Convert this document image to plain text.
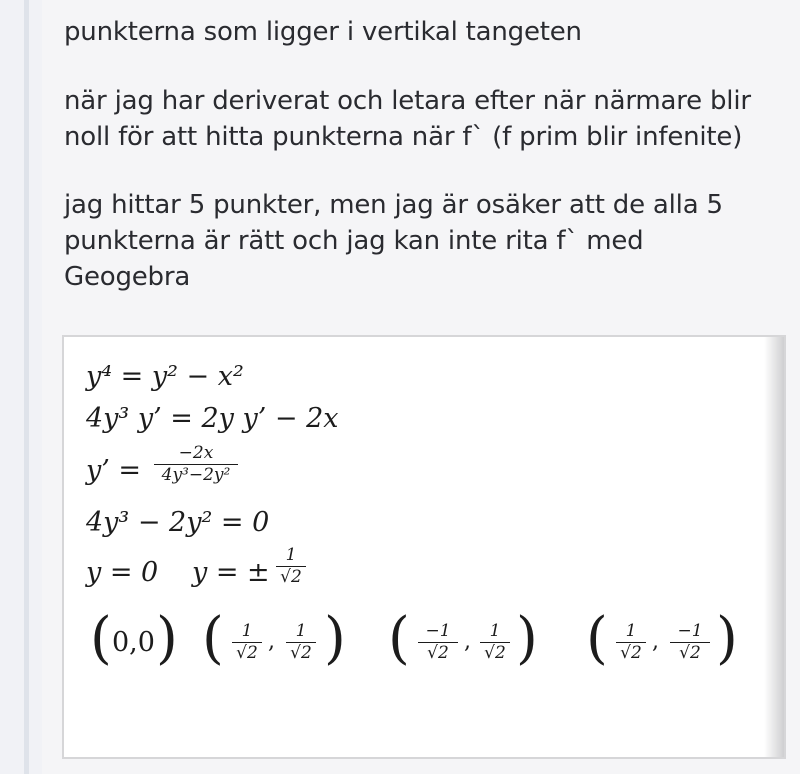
punkterna som ligger i vertikal tangeten

när jag har deriverat och letara efter när närmare blir
noll för att hitta punkterna när f` (f prim blir infenite)

jag hittar 5 punkter, men jag är osäker att de alla 5
punkterna är rätt och jag kan inte rita f` med
Geogebra

y⁴ = y² − x²
4y³ y’ = 2y y’ − 2x
y’ =
−2x
4y³−2y²
4y³ − 2y² = 0
y = 0 y = ±
1
√2
( 0,0 ) (	1
√2 ,	1
√2 ) ( −1
√2 ,	1
√2 ) (	1
√2 ,	−1
√2 )
